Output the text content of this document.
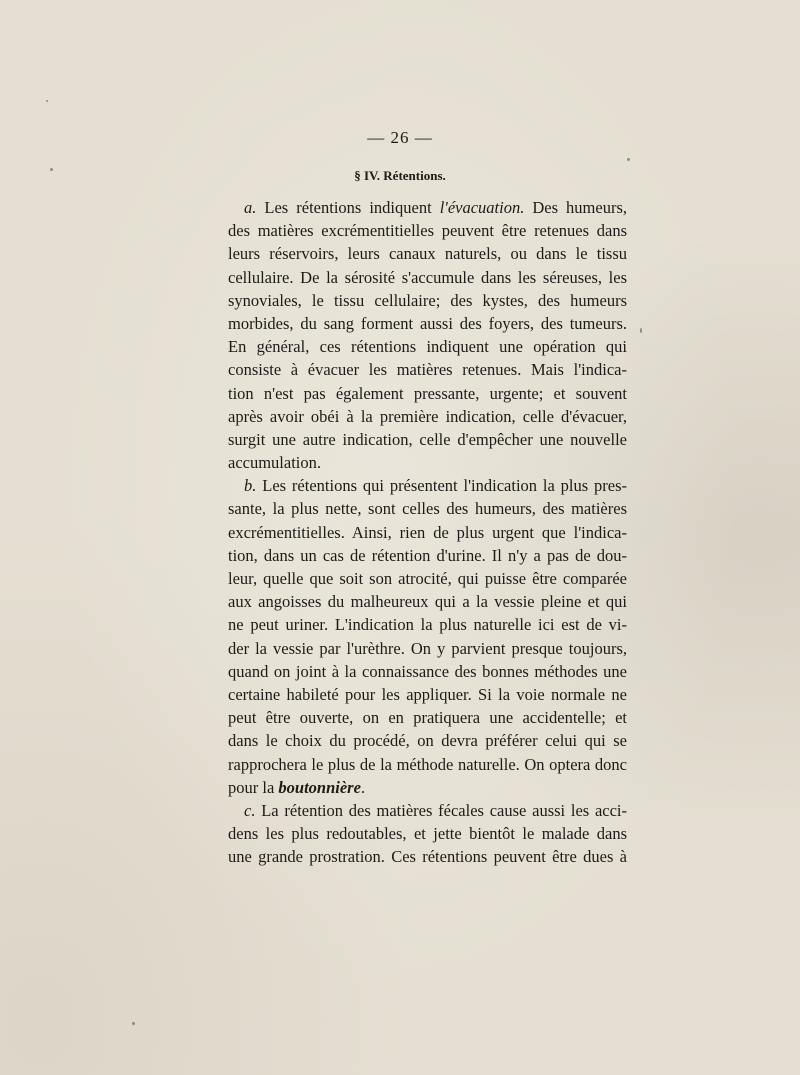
— 26 —
§ IV. Rétentions.
a. Les rétentions indiquent l'évacuation. Des humeurs,
des matières excrémentitielles peuvent être retenues dans
leurs réservoirs, leurs canaux naturels, ou dans le tissu
cellulaire. De la sérosité s'accumule dans les séreuses, les
synoviales, le tissu cellulaire; des kystes, des humeurs
morbides, du sang forment aussi des foyers, des tumeurs.
En général, ces rétentions indiquent une opération qui
consiste à évacuer les matières retenues. Mais l'indica-
tion n'est pas également pressante, urgente; et souvent
après avoir obéi à la première indication, celle d'évacuer,
surgit une autre indication, celle d'empêcher une nouvelle
accumulation.
b. Les rétentions qui présentent l'indication la plus pres-
sante, la plus nette, sont celles des humeurs, des matières
excrémentitielles. Ainsi, rien de plus urgent que l'indica-
tion, dans un cas de rétention d'urine. Il n'y a pas de dou-
leur, quelle que soit son atrocité, qui puisse être comparée
aux angoisses du malheureux qui a la vessie pleine et qui
ne peut uriner. L'indication la plus naturelle ici est de vi-
der la vessie par l'urèthre. On y parvient presque toujours,
quand on joint à la connaissance des bonnes méthodes une
certaine habileté pour les appliquer. Si la voie normale ne
peut être ouverte, on en pratiquera une accidentelle; et
dans le choix du procédé, on devra préférer celui qui se
rapprochera le plus de la méthode naturelle. On optera donc
pour la boutonnière.
c. La rétention des matières fécales cause aussi les acci-
dens les plus redoutables, et jette bientôt le malade dans
une grande prostration. Ces rétentions peuvent être dues à
